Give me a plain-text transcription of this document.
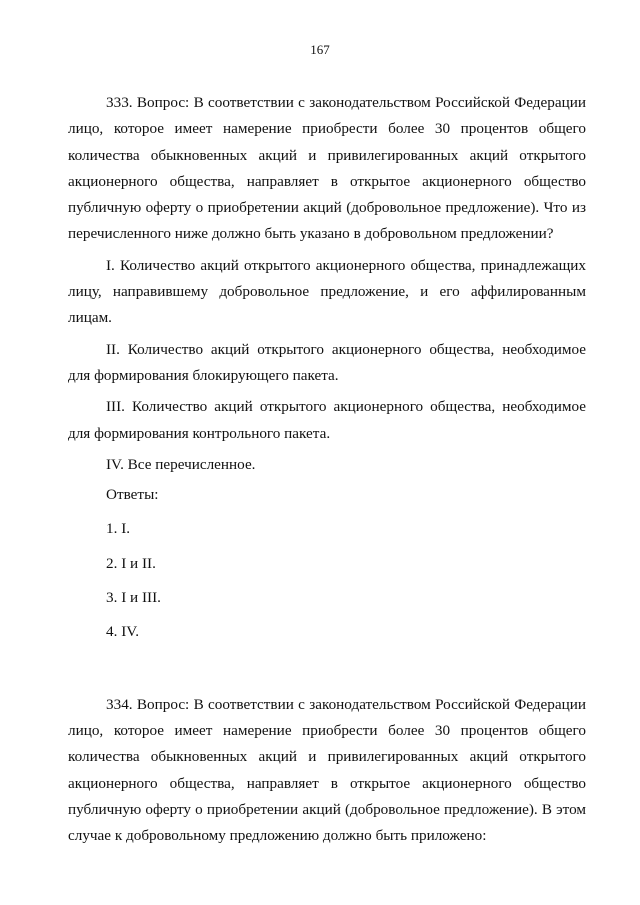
167

333. Вопрос: В соответствии с законодательством Российской Федерации лицо, которое имеет намерение приобрести более 30 процентов общего количества обыкновенных акций и привилегированных акций открытого акционерного общества, направляет в открытое акционерного общество публичную оферту о приобретении акций (добровольное предложение). Что из перечисленного ниже должно быть указано в добровольном предложении?

I. Количество акций открытого акционерного общества, принадлежащих лицу, направившему добровольное предложение, и его аффилированным лицам.

II. Количество акций открытого акционерного общества, необходимое для формирования блокирующего пакета.

III. Количество акций открытого акционерного общества, необходимое для формирования контрольного пакета.

IV. Все перечисленное.

Ответы:

1. I.

2. I и II.

3. I и III.

4. IV.

334. Вопрос: В соответствии с законодательством Российской Федерации лицо, которое имеет намерение приобрести более 30 процентов общего количества обыкновенных акций и привилегированных акций открытого акционерного общества, направляет в открытое акционерного общество публичную оферту о приобретении акций (добровольное предложение). В этом случае к добровольному предложению должно быть приложено:
